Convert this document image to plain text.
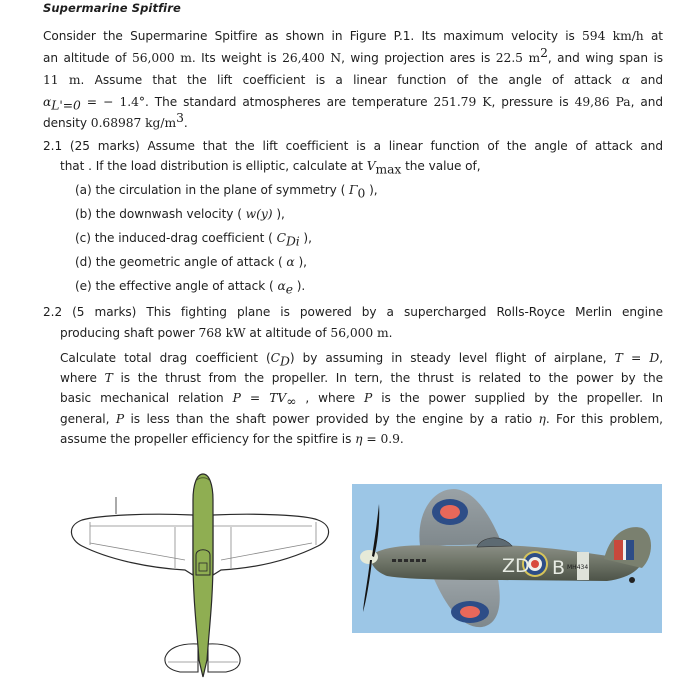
Supermarine Spitfire
Consider the Supermarine Spitfire as shown in Figure P.1. Its maximum velocity is 594 km/h at
an altitude of 56,000 m. Its weight is 26,400 N, wing projection ares is 22.5 $m^2$, and wing span is
11 m. Assume that the lift coefficient is a linear function of the angle of attack α and
$\alpha_{L'=0}$ = − 1.4°. The standard atmospheres are temperature 251.79 K, pressure is 49,86 Pa, and
density 0.68987 $kg/m^3$.
2.1 (25 marks) Assume that the lift coefficient is a linear function of the angle of attack and
that . If the load distribution is elliptic, calculate at $V_{max}$ the value of,
(a) the circulation in the plane of symmetry ( $\Gamma_0$ ),
(b) the downwash velocity ( w(y) ),
(c) the induced-drag coefficient ( $C_{Di}$ ),
(d) the geometric angle of attack ( α ),
(e) the effective angle of attack ( $\alpha_e$ ).
2.2 (5 marks) This fighting plane is powered by a supercharged Rolls-Royce Merlin engine
producing shaft power 768 kW at altitude of 56,000 m.
Calculate total drag coefficient $(C_D)$ by assuming in steady level flight of airplane, T = D,
where T is the thrust from the propeller. In tern, the thrust is related to the power by the
basic mechanical relation $P = TV_\infty$ , where P is the power supplied by the propeller. In
general, P is less than the shaft power provided by the engine by a ratio η. For this problem,
assume the propeller efficiency for the spitfire is η = 0.9.
ZD B MH434
